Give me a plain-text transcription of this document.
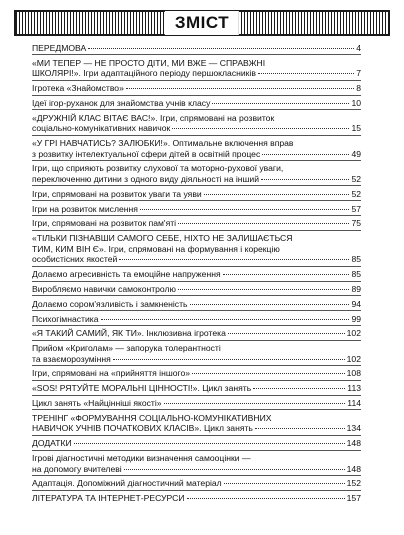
ЗМІСТ
ПЕРЕДМОВА	4
«МИ ТЕПЕР — НЕ ПРОСТО ДІТИ, МИ ВЖЕ — СПРАВЖНІ
ШКОЛЯРІ!». Ігри адаптаційного періоду першокласників	7
Ігротека «Знайомство»	8
Ідеї ігор-руханок для знайомства учнів класу	10
«ДРУЖНІЙ КЛАС ВІТАЄ ВАС!». Ігри, спрямовані на розвиток
соціально-комунікативних навичок	15
«У ГРІ НАВЧАТИСЬ? ЗАЛЮБКИ!». Оптимальне включення вправ
з розвитку інтелектуальної сфери дітей в освітній процес	49
Ігри, що сприяють розвитку слухової та моторно-рухової уваги,
переключенню дитини з одного виду діяльності на інший	52
Ігри, спрямовані на розвиток уваги та уяви	52
Ігри на розвиток мислення	57
Ігри, спрямовані на розвиток пам'яті	75
«ТІЛЬКИ ПІЗНАВШИ САМОГО СЕБЕ, НІХТО НЕ ЗАЛИШАЄТЬСЯ
ТИМ, КИМ ВІН Є». Ігри, спрямовані на формування і корекцію
особистісних якостей	85
Долаємо агресивність та емоційне напруження	85
Виробляємо навички самоконтролю	89
Долаємо сором'язливість і замкненість	94
Психогімнастика	99
«Я ТАКИЙ САМИЙ, ЯК ТИ». Інклюзивна ігротека	102
Прийом «Криголам» — запорука толерантності
та взаєморозуміння	102
Ігри, спрямовані на «прийняття іншого»	108
«SOS! РЯТУЙТЕ МОРАЛЬНІ ЦІННОСТІ!». Цикл занять	113
Цикл занять «Найцінніші якості»	114
ТРЕНІНГ «ФОРМУВАННЯ СОЦІАЛЬНО-КОМУНІКАТИВНИХ
НАВИЧОК УЧНІВ ПОЧАТКОВИХ КЛАСІВ». Цикл занять	134
ДОДАТКИ	148
Ігрові діагностичні методики визначення самооцінки —
на допомогу вчителеві	148
Адаптація. Допоміжний діагностичний матеріал	152
ЛІТЕРАТУРА ТА ІНТЕРНЕТ-РЕСУРСИ	157
